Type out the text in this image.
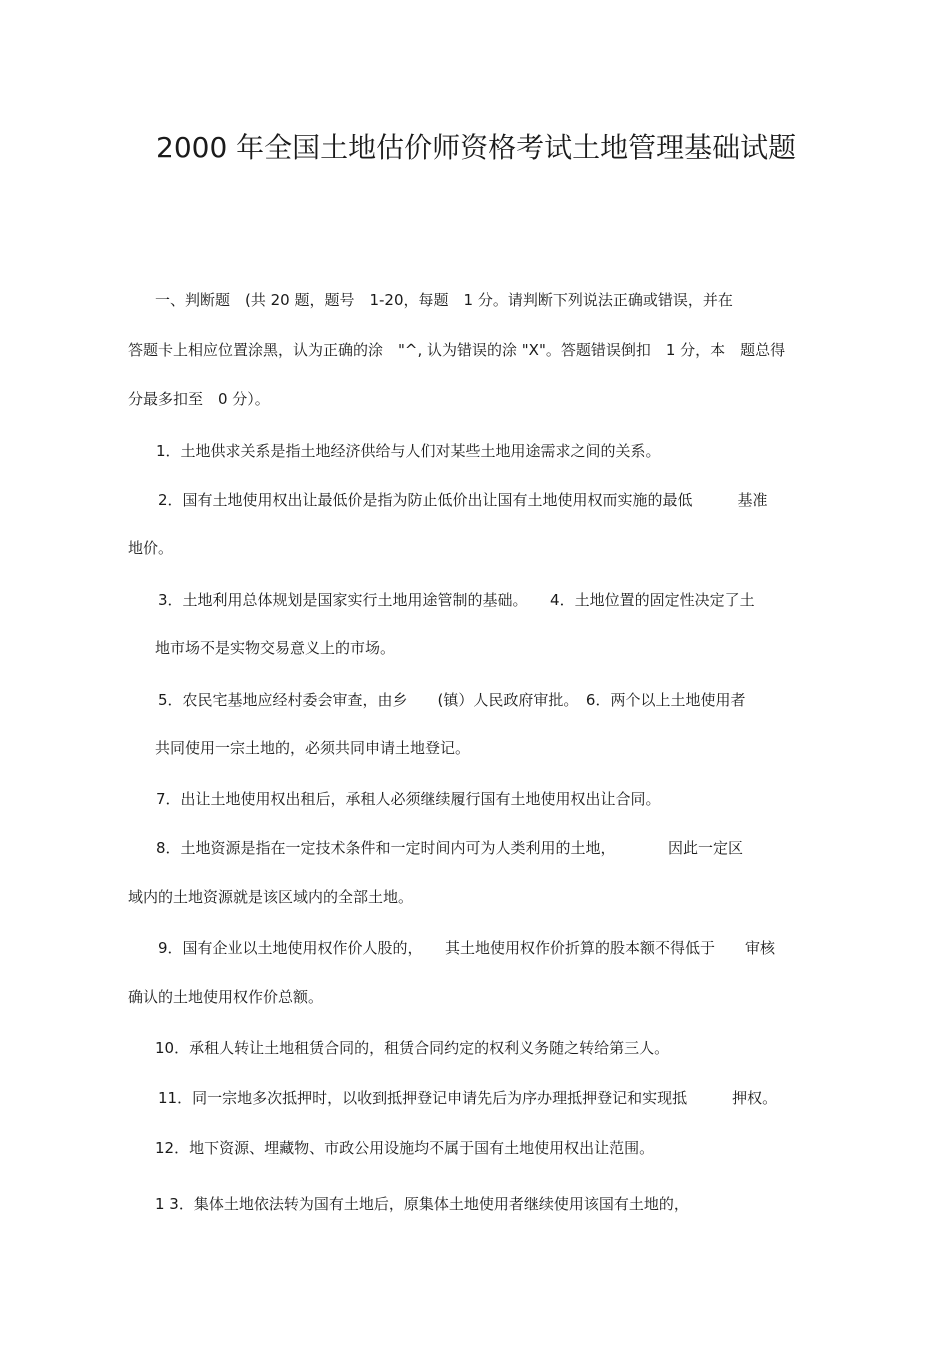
2000 年全国土地估价师资格考试土地管理基础试题
一、判断题　(共 20 题，题号　1-20，每题　1 分。请判断下列说法正确或错误，并在
答题卡上相应位置涂黑，认为正确的涂　"^, 认为错误的涂 "X"。答题错误倒扣　1 分，本　题总得
分最多扣至　0 分）。
1．土地供求关系是指土地经济供给与人们对某些土地用途需求之间的关系。
2．国有土地使用权出让最低价是指为防止低价出让国有土地使用权而实施的最低　　　基准
地价。
3．土地利用总体规划是国家实行土地用途管制的基础。　　4．土地位置的固定性决定了土
地市场不是实物交易意义上的市场。
5．农民宅基地应经村委会审查，由乡　　(镇）人民政府审批。　6．两个以上土地使用者
共同使用一宗土地的，必须共同申请土地登记。
7．出让土地使用权出租后，承租人必须继续履行国有土地使用权出让合同。
8．土地资源是指在一定技术条件和一定时间内可为人类利用的土地，　　　　因此一定区
域内的土地资源就是该区域内的全部土地。
9．国有企业以土地使用权作价人股的，　　其土地使用权作价折算的股本额不得低于　　审核
确认的土地使用权作价总额。
10．承租人转让土地租赁合同的，租赁合同约定的权利义务随之转给第三人。
11．同一宗地多次抵押时，以收到抵押登记申请先后为序办理抵押登记和实现抵　　　押权。
12．地下资源、埋藏物、市政公用设施均不属于国有土地使用权出让范围。
1 3．集体土地依法转为国有土地后，原集体土地使用者继续使用该国有土地的，
